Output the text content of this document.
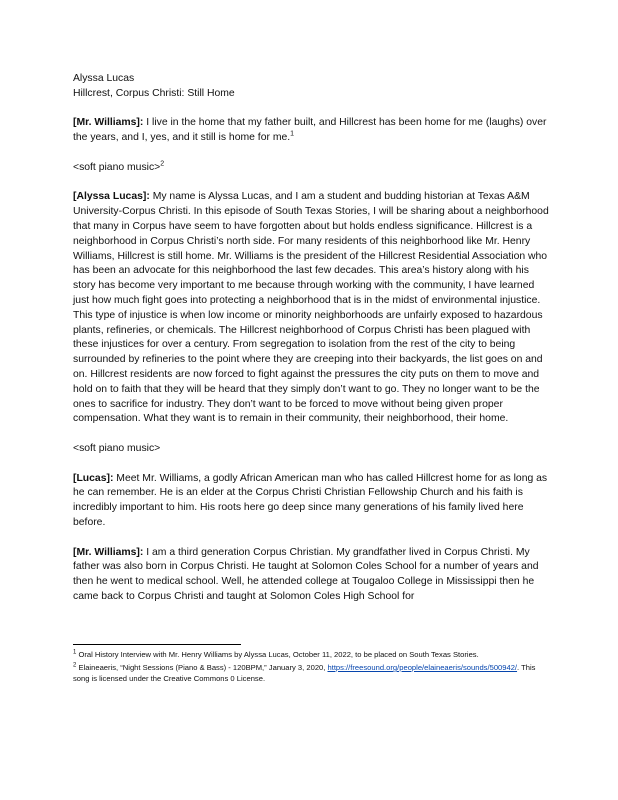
Alyssa Lucas
Hillcrest, Corpus Christi: Still Home

[Mr. Williams]: I live in the home that my father built, and Hillcrest has been home for me (laughs) over the years, and I, yes, and it still is home for me.$^1$

<soft piano music>$^2$

[Alyssa Lucas]: My name is Alyssa Lucas, and I am a student and budding historian at Texas A&M University-Corpus Christi. In this episode of South Texas Stories, I will be sharing about a neighborhood that many in Corpus have seem to have forgotten about but holds endless significance. Hillcrest is a neighborhood in Corpus Christi’s north side. For many residents of this neighborhood like Mr. Henry Williams, Hillcrest is still home. Mr. Williams is the president of the Hillcrest Residential Association who has been an advocate for this neighborhood the last few decades. This area’s history along with his story has become very important to me because through working with the community, I have learned just how much fight goes into protecting a neighborhood that is in the midst of environmental injustice. This type of injustice is when low income or minority neighborhoods are unfairly exposed to hazardous plants, refineries, or chemicals. The Hillcrest neighborhood of Corpus Christi has been plagued with these injustices for over a century. From segregation to isolation from the rest of the city to being surrounded by refineries to the point where they are creeping into their backyards, the list goes on and on. Hillcrest residents are now forced to fight against the pressures the city puts on them to move and hold on to faith that they will be heard that they simply don’t want to go. They no longer want to be the ones to sacrifice for industry. They don’t want to be forced to move without being given proper compensation. What they want is to remain in their community, their neighborhood, their home.

<soft piano music>

[Lucas]: Meet Mr. Williams, a godly African American man who has called Hillcrest home for as long as he can remember. He is an elder at the Corpus Christi Christian Fellowship Church and his faith is incredibly important to him. His roots here go deep since many generations of his family lived here before.

[Mr. Williams]: I am a third generation Corpus Christian. My grandfather lived in Corpus Christi. My father was also born in Corpus Christi. He taught at Solomon Coles School for a number of years and then he went to medical school. Well, he attended college at Tougaloo College in Mississippi then he came back to Corpus Christi and taught at Solomon Coles High School for

$^1$ Oral History Interview with Mr. Henry Williams by Alyssa Lucas, October 11, 2022, to be placed on South Texas Stories.
$^2$ Elaineaeris, “Night Sessions (Piano & Bass) - 120BPM,” January 3, 2020, https://freesound.org/people/elaineaeris/sounds/500942/. This song is licensed under the Creative Commons 0 License.
